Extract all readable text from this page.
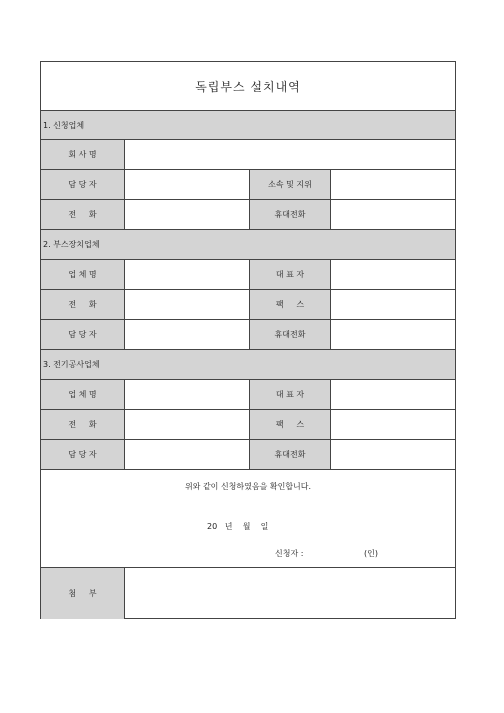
독립부스 설치내역
1. 신청업체
회 사 명
담 당 자	소속 및 지위
전     화	휴대전화
2. 부스장치업체
업 체 명	대 표 자
전     화	팩     스
담 당 자	휴대전화
3. 전기공사업체
업 체 명	대 표 자
전     화	팩     스
담 당 자	휴대전화
위와 같이 신청하였음을 확인합니다.
20   년    월    일
신청자 :	(인)
첨     부
